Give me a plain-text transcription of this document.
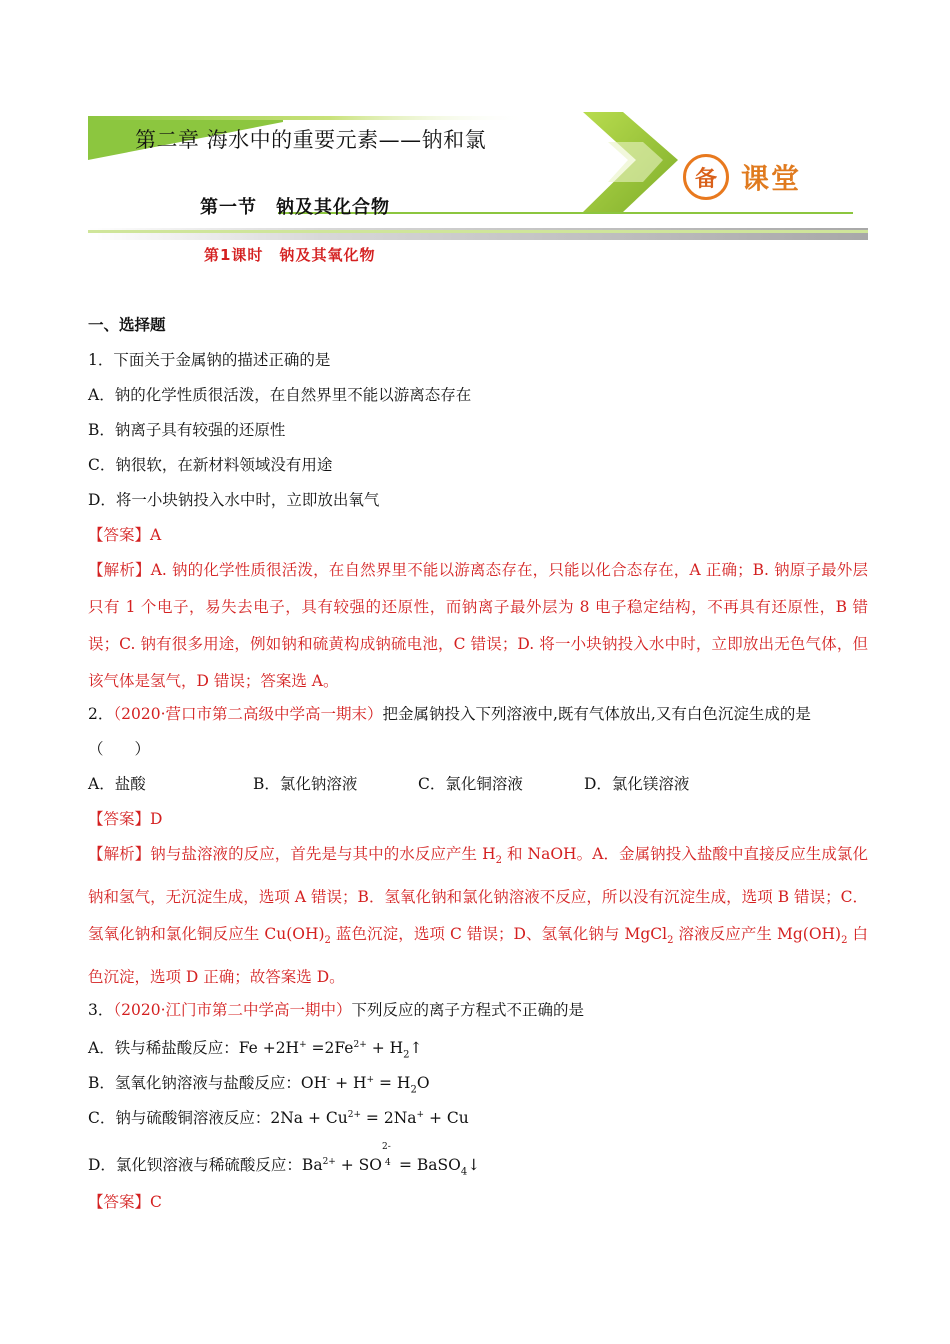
第二章 海水中的重要元素——钠和氯
第一节　钠及其化合物
第1课时　钠及其氧化物
备 课堂
一、选择题
1．下面关于金属钠的描述正确的是
A．钠的化学性质很活泼，在自然界里不能以游离态存在
B．钠离子具有较强的还原性
C．钠很软，在新材料领域没有用途
D．将一小块钠投入水中时，立即放出氧气
【答案】A
【解析】A. 钠的化学性质很活泼，在自然界里不能以游离态存在，只能以化合态存在，A 正确；B. 钠原子最外层只有 1 个电子，易失去电子，具有较强的还原性，而钠离子最外层为 8 电子稳定结构，不再具有还原性，B 错误；C. 钠有很多用途，例如钠和硫黄构成钠硫电池，C 错误；D. 将一小块钠投入水中时，立即放出无色气体，但该气体是氢气，D 错误；答案选 A。
2．（2020·营口市第二高级中学高一期末）把金属钠投入下列溶液中,既有气体放出,又有白色沉淀生成的是
（　　）
A．盐酸	B．氯化钠溶液	C．氯化铜溶液	D．氯化镁溶液
【答案】D
【解析】钠与盐溶液的反应，首先是与其中的水反应产生 $H_2$ 和 NaOH。A．金属钠投入盐酸中直接反应生成氯化钠和氢气，无沉淀生成，选项 A 错误；B．氢氧化钠和氯化钠溶液不反应，所以没有沉淀生成，选项 B 错误；C．氢氧化钠和氯化铜反应生 $Cu(OH)_2$ 蓝色沉淀，选项 C 错误；D、氢氧化钠与 MgCl$_2$ 溶液反应产生 $Mg(OH)_2$ 白色沉淀，选项 D 正确；故答案选 D。
3．（2020·江门市第二中学高一期中）下列反应的离子方程式不正确的是
A．铁与稀盐酸反应：$Fe +2H^+ =2Fe^{2+}$ + $H_2↑$
B．氢氧化钠溶液与盐酸反应：$OH^- + H^+ = H_2O$
C．钠与硫酸铜溶液反应：$2Na + Cu^{2+} = 2Na^+ + Cu$
D．氯化钡溶液与稀硫酸反应：$Ba^{2+}$ + SO
2-
4 = BaSO$_4$↓
【答案】C
